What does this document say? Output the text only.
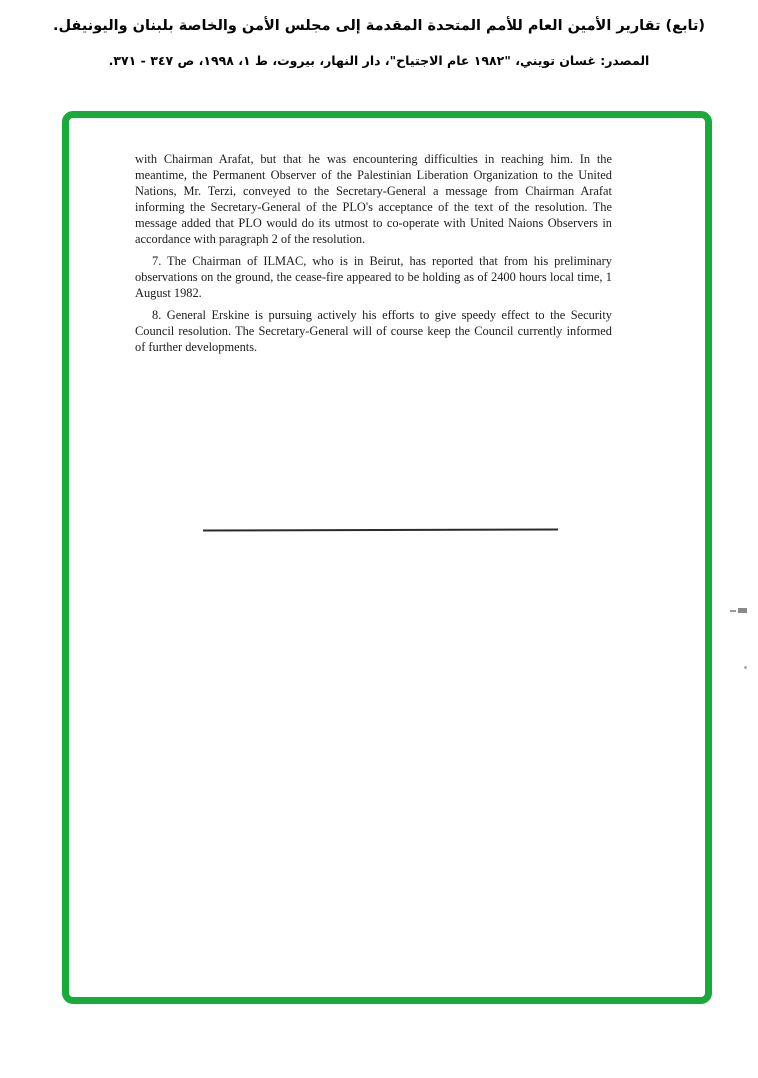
(تابع) تقارير الأمين العام للأمم المتحدة المقدمة إلى مجلس الأمن والخاصة بلبنان واليونيفل.
المصدر: غسان تويني، "١٩٨٢ عام الاجتياح"، دار النهار، بيروت، ط ١، ١٩٩٨، ص ٣٤٧ - ٣٧١.

with Chairman Arafat, but that he was encountering difficulties in reaching him. In the meantime, the Permanent Observer of the Palestinian Liberation Organization to the United Nations, Mr. Terzi, conveyed to the Secretary-General a message from Chairman Arafat informing the Secretary-General of the PLO's acceptance of the text of the resolution. The message added that PLO would do its utmost to co-operate with United Naions Observers in accordance with paragraph 2 of the resolution.

7. The Chairman of ILMAC, who is in Beirut, has reported that from his preliminary observations on the ground, the cease-fire appeared to be holding as of 2400 hours local time, 1 August 1982.

8. General Erskine is pursuing actively his efforts to give speedy effect to the Security Council resolution. The Secretary-General will of course keep the Council currently informed of further developments.
